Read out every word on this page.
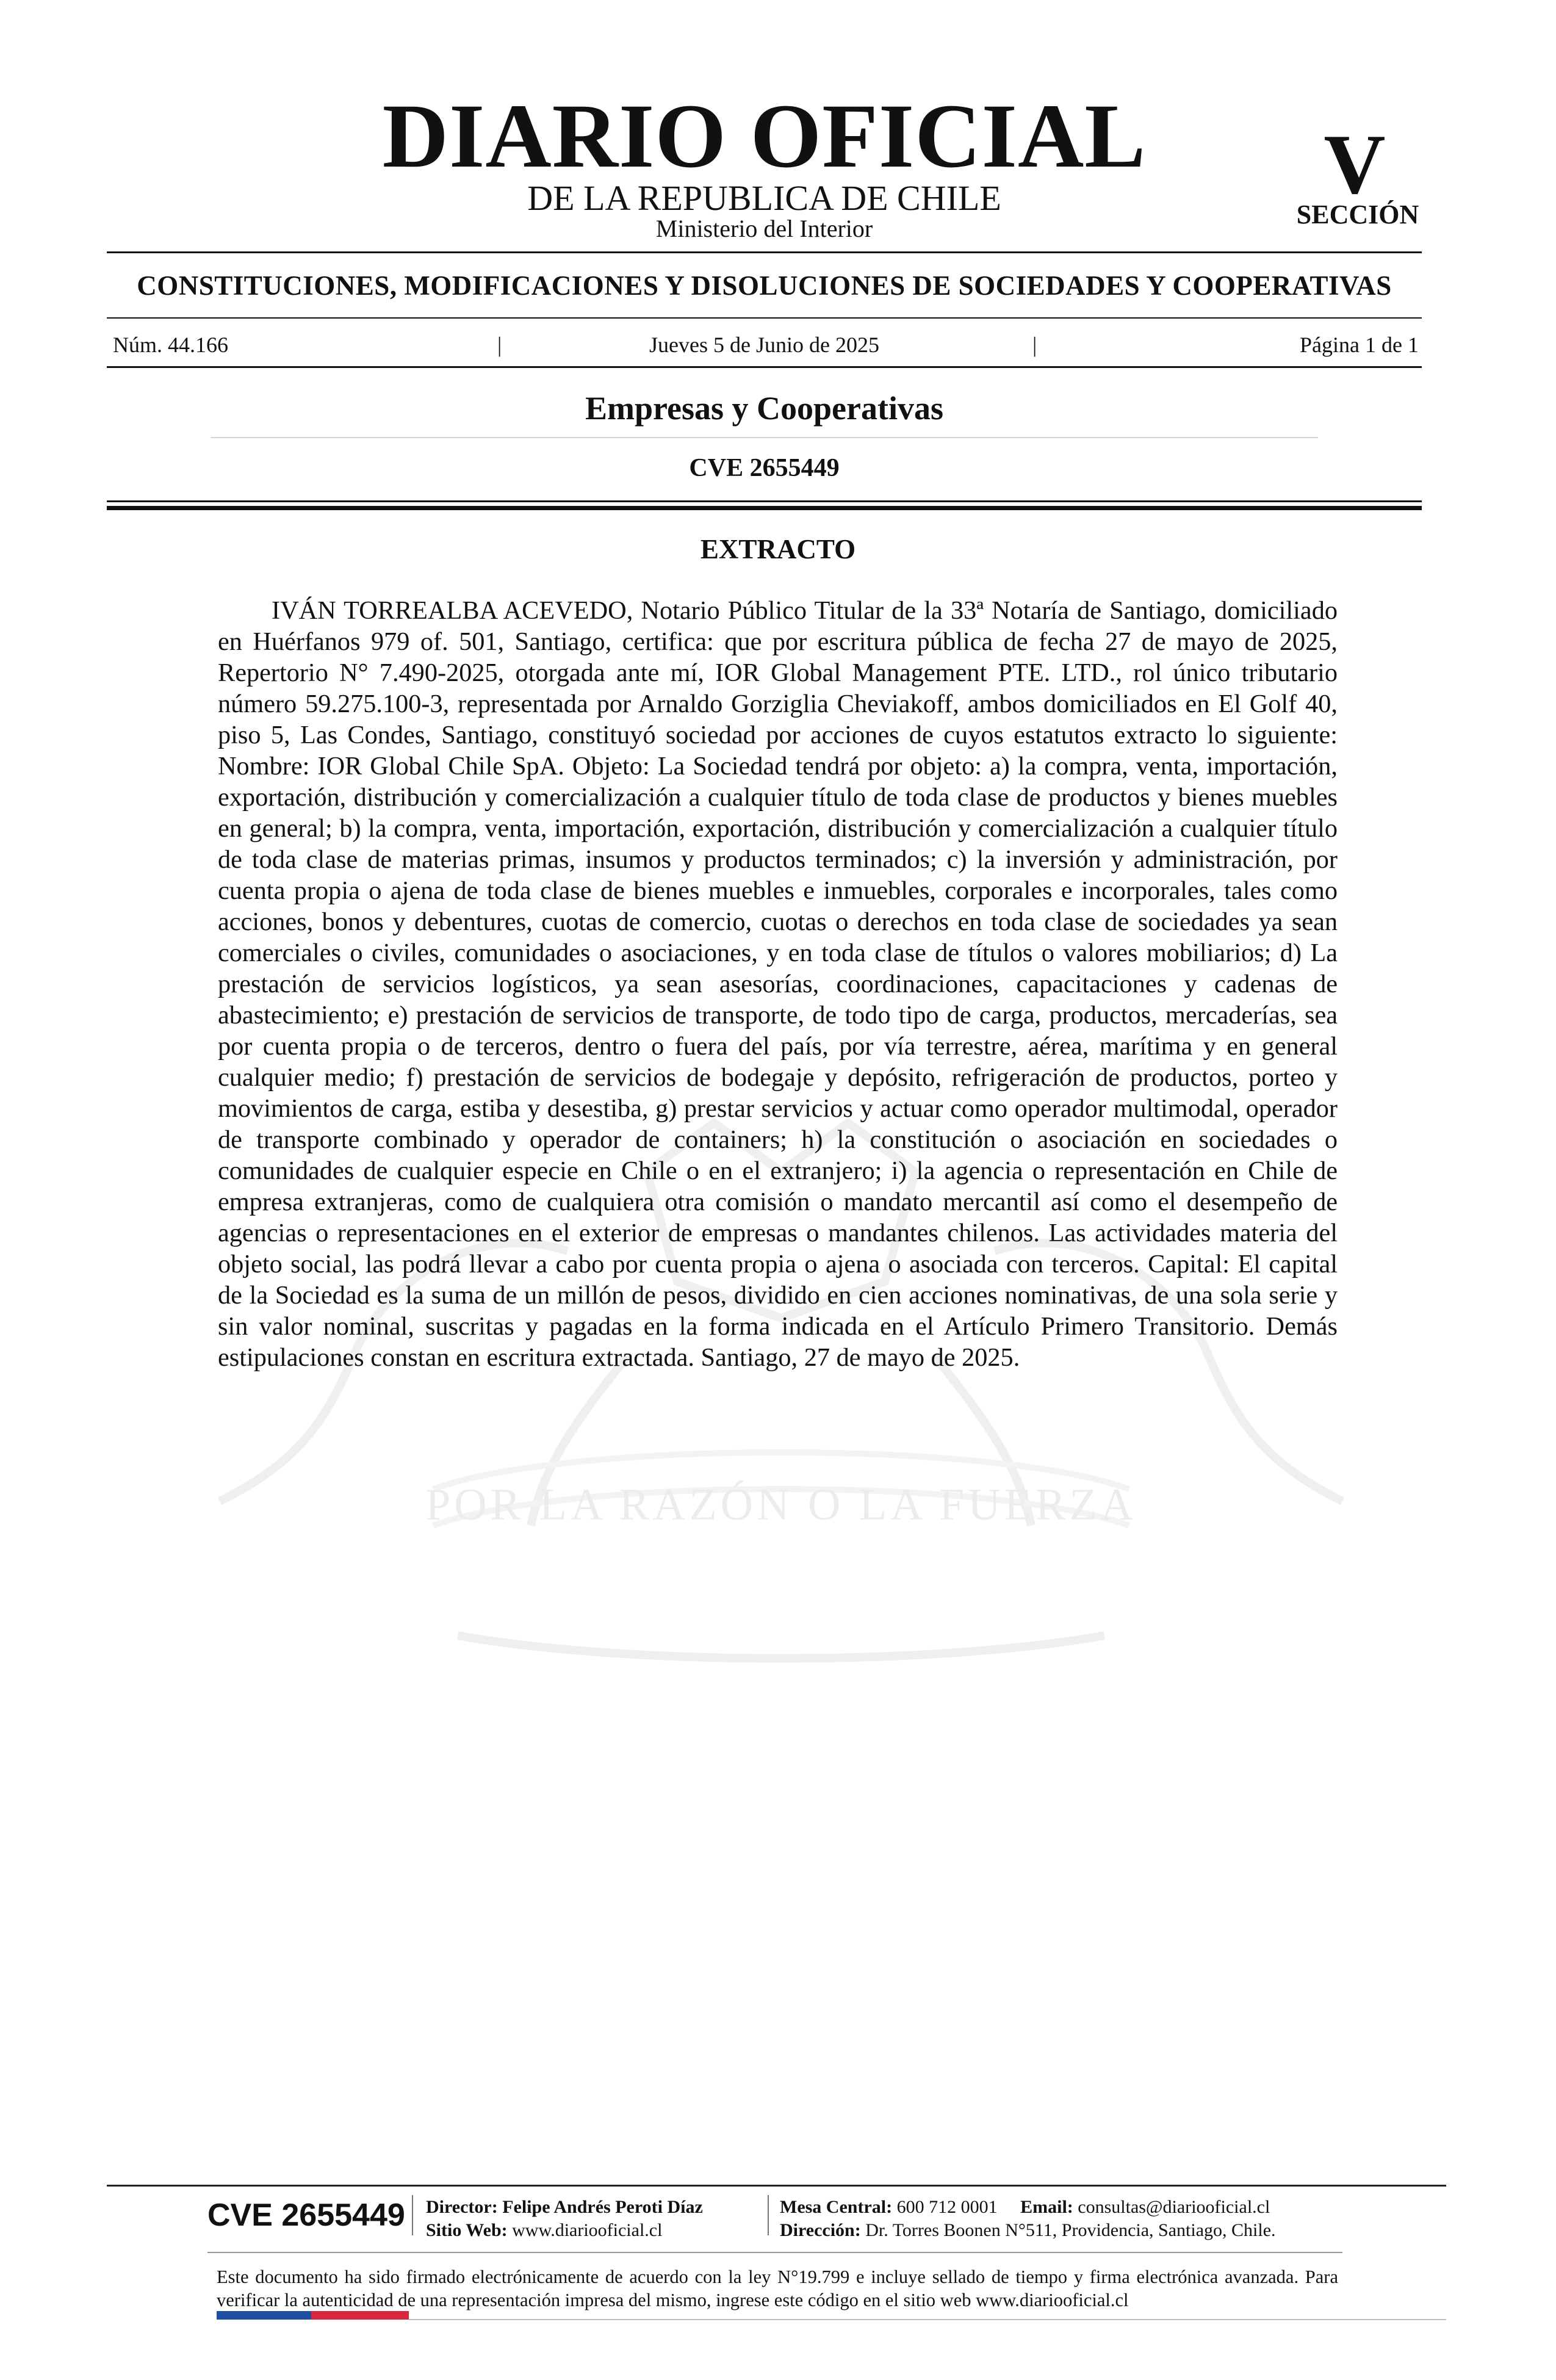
DIARIO OFICIAL
DE LA REPUBLICA DE CHILE
Ministerio del Interior
V
SECCIÓN
CONSTITUCIONES, MODIFICACIONES Y DISOLUCIONES DE SOCIEDADES Y COOPERATIVAS
Núm. 44.166	|	Jueves 5 de Junio de 2025	|	Página 1 de 1
Empresas y Cooperativas
CVE 2655449
POR LA RAZÓN O LA FUERZA
EXTRACTO

IVÁN TORREALBA ACEVEDO, Notario Público Titular de la 33ª Notaría de Santiago, domiciliado en Huérfanos 979 of. 501, Santiago, certifica: que por escritura pública de fecha 27 de mayo de 2025, Repertorio N° 7.490-2025, otorgada ante mí, IOR Global Management PTE. LTD., rol único tributario número 59.275.100-3, representada por Arnaldo Gorziglia Cheviakoff, ambos domiciliados en El Golf 40, piso 5, Las Condes, Santiago, constituyó sociedad por acciones de cuyos estatutos extracto lo siguiente: Nombre: IOR Global Chile SpA. Objeto: La Sociedad tendrá por objeto: a) la compra, venta, importación, exportación, distribución y comercialización a cualquier título de toda clase de productos y bienes muebles en general; b) la compra, venta, importación, exportación, distribución y comercialización a cualquier título de toda clase de materias primas, insumos y productos terminados; c) la inversión y administración, por cuenta propia o ajena de toda clase de bienes muebles e inmuebles, corporales e incorporales, tales como acciones, bonos y debentures, cuotas de comercio, cuotas o derechos en toda clase de sociedades ya sean comerciales o civiles, comunidades o asociaciones, y en toda clase de títulos o valores mobiliarios; d) La prestación de servicios logísticos, ya sean asesorías, coordinaciones, capacitaciones y cadenas de abastecimiento; e) prestación de servicios de transporte, de todo tipo de carga, productos, mercaderías, sea por cuenta propia o de terceros, dentro o fuera del país, por vía terrestre, aérea, marítima y en general cualquier medio; f) prestación de servicios de bodegaje y depósito, refrigeración de productos, porteo y movimientos de carga, estiba y desestiba, g) prestar servicios y actuar como operador multimodal, operador de transporte combinado y operador de containers; h) la constitución o asociación en sociedades o comunidades de cualquier especie en Chile o en el extranjero; i) la agencia o representación en Chile de empresa extranjeras, como de cualquiera otra comisión o mandato mercantil así como el desempeño de agencias o representaciones en el exterior de empresas o mandantes chilenos. Las actividades materia del objeto social, las podrá llevar a cabo por cuenta propia o ajena o asociada con terceros. Capital: El capital de la Sociedad es la suma de un millón de pesos, dividido en cien acciones nominativas, de una sola serie y sin valor nominal, suscritas y pagadas en la forma indicada en el Artículo Primero Transitorio. Demás estipulaciones constan en escritura extractada. Santiago, 27 de mayo de 2025.

CVE 2655449 Director: Felipe Andrés Peroti Díaz
Sitio Web: www.diariooficial.cl
Mesa Central: 600 712 0001 Email: consultas@diariooficial.cl
Dirección: Dr. Torres Boonen N°511, Providencia, Santiago, Chile.

Este documento ha sido firmado electrónicamente de acuerdo con la ley N°19.799 e incluye sellado de tiempo y firma electrónica avanzada. Para verificar la autenticidad de una representación impresa del mismo, ingrese este código en el sitio web www.diariooficial.cl
